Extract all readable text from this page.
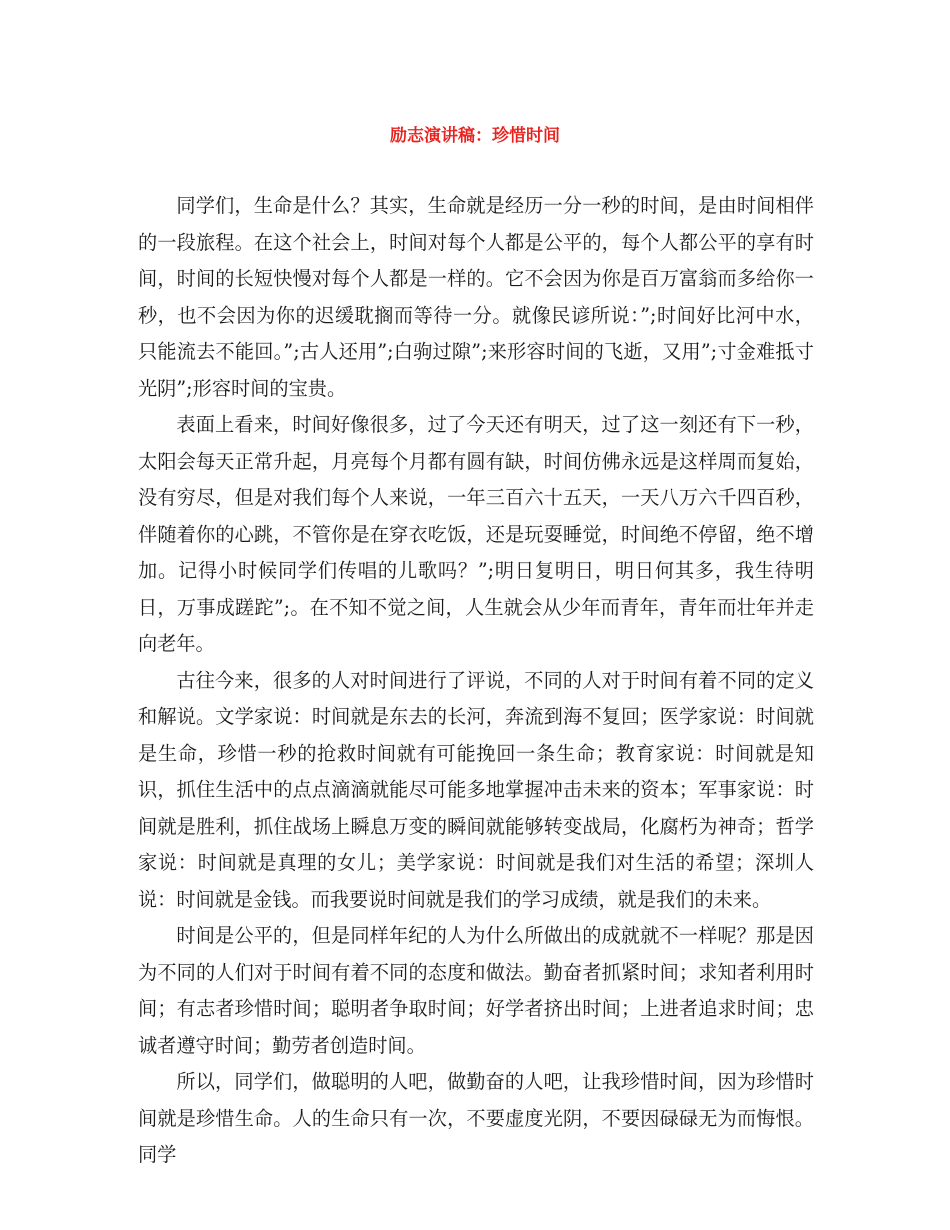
励志演讲稿：珍惜时间

同学们，生命是什么？其实，生命就是经历一分一秒的时间，是由时间相伴的一段旅程。在这个社会上，时间对每个人都是公平的，每个人都公平的享有时间，时间的长短快慢对每个人都是一样的。它不会因为你是百万富翁而多给你一秒，也不会因为你的迟缓耽搁而等待一分。就像民谚所说：”;时间好比河中水，只能流去不能回。”;古人还用”;白驹过隙”;来形容时间的飞逝，又用”;寸金难抵寸光阴”;形容时间的宝贵。

表面上看来，时间好像很多，过了今天还有明天，过了这一刻还有下一秒，太阳会每天正常升起，月亮每个月都有圆有缺，时间仿佛永远是这样周而复始，没有穷尽，但是对我们每个人来说，一年三百六十五天，一天八万六千四百秒，伴随着你的心跳，不管你是在穿衣吃饭，还是玩耍睡觉，时间绝不停留，绝不增加。记得小时候同学们传唱的儿歌吗？”;明日复明日，明日何其多，我生待明日，万事成蹉跎”;。在不知不觉之间，人生就会从少年而青年，青年而壮年并走向老年。

古往今来，很多的人对时间进行了评说，不同的人对于时间有着不同的定义和解说。文学家说：时间就是东去的长河，奔流到海不复回；医学家说：时间就是生命，珍惜一秒的抢救时间就有可能挽回一条生命；教育家说：时间就是知识，抓住生活中的点点滴滴就能尽可能多地掌握冲击未来的资本；军事家说：时间就是胜利，抓住战场上瞬息万变的瞬间就能够转变战局，化腐朽为神奇；哲学家说：时间就是真理的女儿；美学家说：时间就是我们对生活的希望；深圳人说：时间就是金钱。而我要说时间就是我们的学习成绩，就是我们的未来。

时间是公平的，但是同样年纪的人为什么所做出的成就就不一样呢？那是因为不同的人们对于时间有着不同的态度和做法。勤奋者抓紧时间；求知者利用时间；有志者珍惜时间；聪明者争取时间；好学者挤出时间；上进者追求时间；忠诚者遵守时间；勤劳者创造时间。

所以，同学们，做聪明的人吧，做勤奋的人吧，让我珍惜时间，因为珍惜时间就是珍惜生命。人的生命只有一次，不要虚度光阴，不要因碌碌无为而悔恨。同学
